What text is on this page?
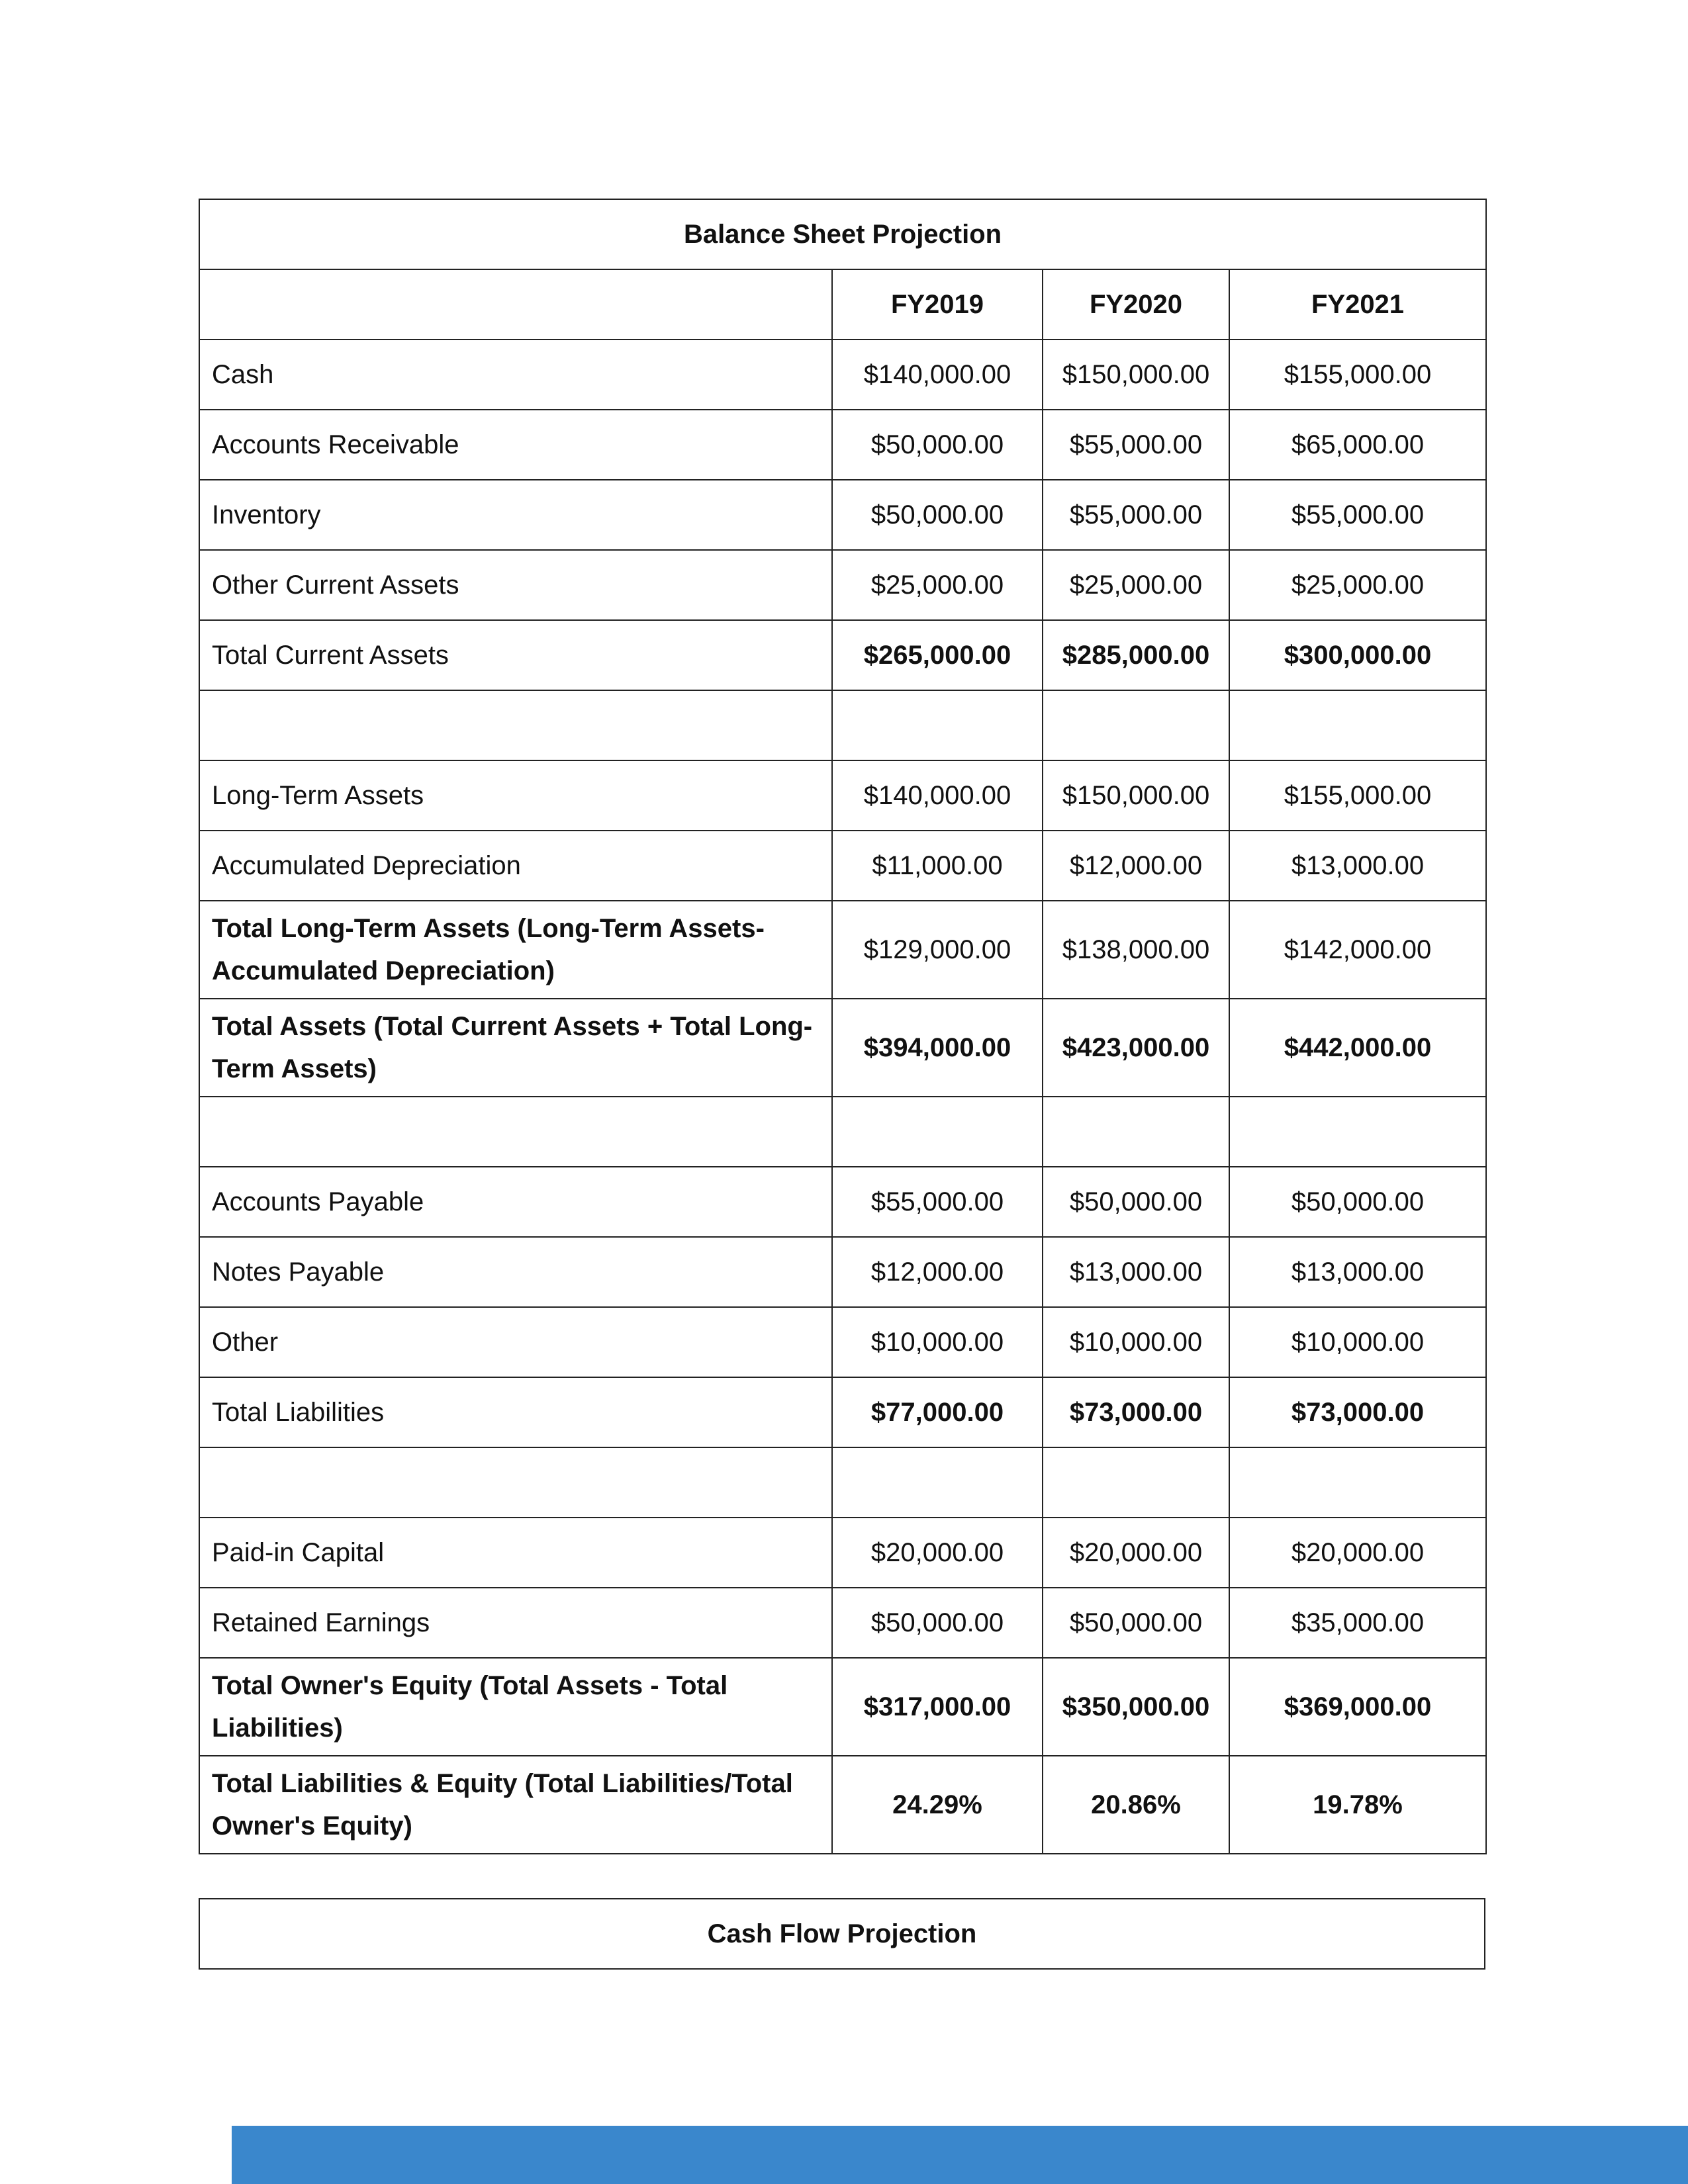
Balance Sheet Projection			
	FY2019	FY2020	FY2021
Cash	$140,000.00	$150,000.00	$155,000.00
Accounts Receivable	$50,000.00	$55,000.00	$65,000.00
Inventory	$50,000.00	$55,000.00	$55,000.00
Other Current Assets	$25,000.00	$25,000.00	$25,000.00
Total Current Assets	$265,000.00	$285,000.00	$300,000.00

Long-Term Assets	$140,000.00	$150,000.00	$155,000.00
Accumulated Depreciation	$11,000.00	$12,000.00	$13,000.00
Total Long-Term Assets (Long-Term Assets-Accumulated Depreciation)	$129,000.00	$138,000.00	$142,000.00
Total Assets (Total Current Assets + Total Long-Term Assets)	$394,000.00	$423,000.00	$442,000.00

Accounts Payable	$55,000.00	$50,000.00	$50,000.00
Notes Payable	$12,000.00	$13,000.00	$13,000.00
Other	$10,000.00	$10,000.00	$10,000.00
Total Liabilities	$77,000.00	$73,000.00	$73,000.00

Paid-in Capital	$20,000.00	$20,000.00	$20,000.00
Retained Earnings	$50,000.00	$50,000.00	$35,000.00
Total Owner's Equity (Total Assets - Total Liabilities)	$317,000.00	$350,000.00	$369,000.00
Total Liabilities & Equity (Total Liabilities/Total Owner's Equity)	24.29%	20.86%	19.78%
Cash Flow Projection
